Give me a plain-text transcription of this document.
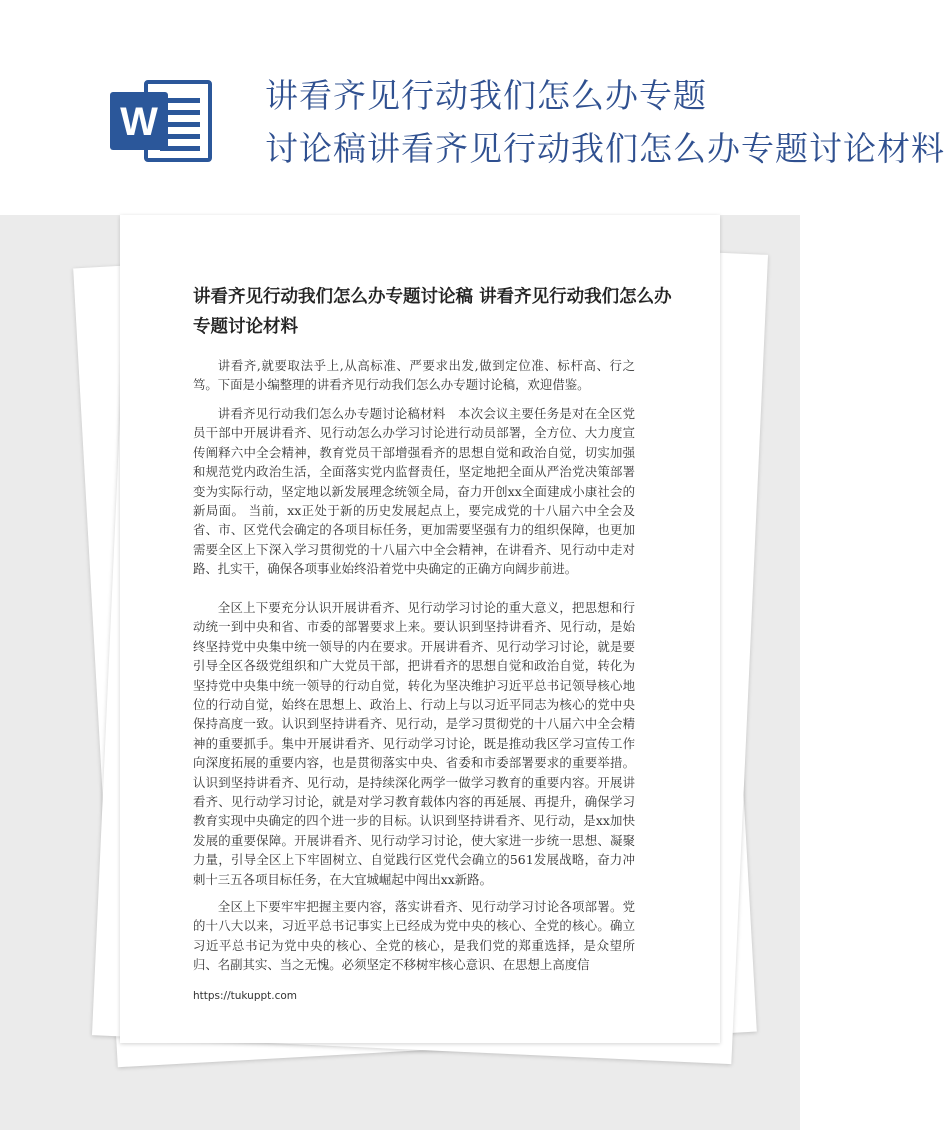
W
讲看齐见行动我们怎么办专题
讨论稿讲看齐见行动我们怎么办专题讨论材料
讲看齐见行动我们怎么办专题讨论稿 讲看齐见行动我们怎么办专题讨论材料

讲看齐,就要取法乎上,从高标准、严要求出发,做到定位准、标杆高、行之笃。下面是小编整理的讲看齐见行动我们怎么办专题讨论稿，欢迎借鉴。

讲看齐见行动我们怎么办专题讨论稿材料　本次会议主要任务是对在全区党员干部中开展讲看齐、见行动怎么办学习讨论进行动员部署，全方位、大力度宣传阐释六中全会精神，教育党员干部增强看齐的思想自觉和政治自觉，切实加强和规范党内政治生活，全面落实党内监督责任，坚定地把全面从严治党决策部署变为实际行动，坚定地以新发展理念统领全局，奋力开创xx全面建成小康社会的新局面。 当前，xx正处于新的历史发展起点上，要完成党的十八届六中全会及省、市、区党代会确定的各项目标任务，更加需要坚强有力的组织保障，也更加需要全区上下深入学习贯彻党的十八届六中全会精神，在讲看齐、见行动中走对路、扎实干，确保各项事业始终沿着党中央确定的正确方向阔步前进。

全区上下要充分认识开展讲看齐、见行动学习讨论的重大意义，把思想和行动统一到中央和省、市委的部署要求上来。要认识到坚持讲看齐、见行动，是始终坚持党中央集中统一领导的内在要求。开展讲看齐、见行动学习讨论，就是要引导全区各级党组织和广大党员干部，把讲看齐的思想自觉和政治自觉，转化为坚持党中央集中统一领导的行动自觉，转化为坚决维护习近平总书记领导核心地位的行动自觉，始终在思想上、政治上、行动上与以习近平同志为核心的党中央保持高度一致。认识到坚持讲看齐、见行动，是学习贯彻党的十八届六中全会精神的重要抓手。集中开展讲看齐、见行动学习讨论，既是推动我区学习宣传工作向深度拓展的重要内容，也是贯彻落实中央、省委和市委部署要求的重要举措。认识到坚持讲看齐、见行动，是持续深化两学一做学习教育的重要内容。开展讲看齐、见行动学习讨论，就是对学习教育载体内容的再延展、再提升，确保学习教育实现中央确定的四个进一步的目标。认识到坚持讲看齐、见行动，是xx加快发展的重要保障。开展讲看齐、见行动学习讨论，使大家进一步统一思想、凝聚力量，引导全区上下牢固树立、自觉践行区党代会确立的561发展战略，奋力冲刺十三五各项目标任务，在大宜城崛起中闯出xx新路。

全区上下要牢牢把握主要内容，落实讲看齐、见行动学习讨论各项部署。党的十八大以来，习近平总书记事实上已经成为党中央的核心、全党的核心。确立习近平总书记为党中央的核心、全党的核心，是我们党的郑重选择，是众望所归、名副其实、当之无愧。必须坚定不移树牢核心意识、在思想上高度信

https://tukuppt.com
